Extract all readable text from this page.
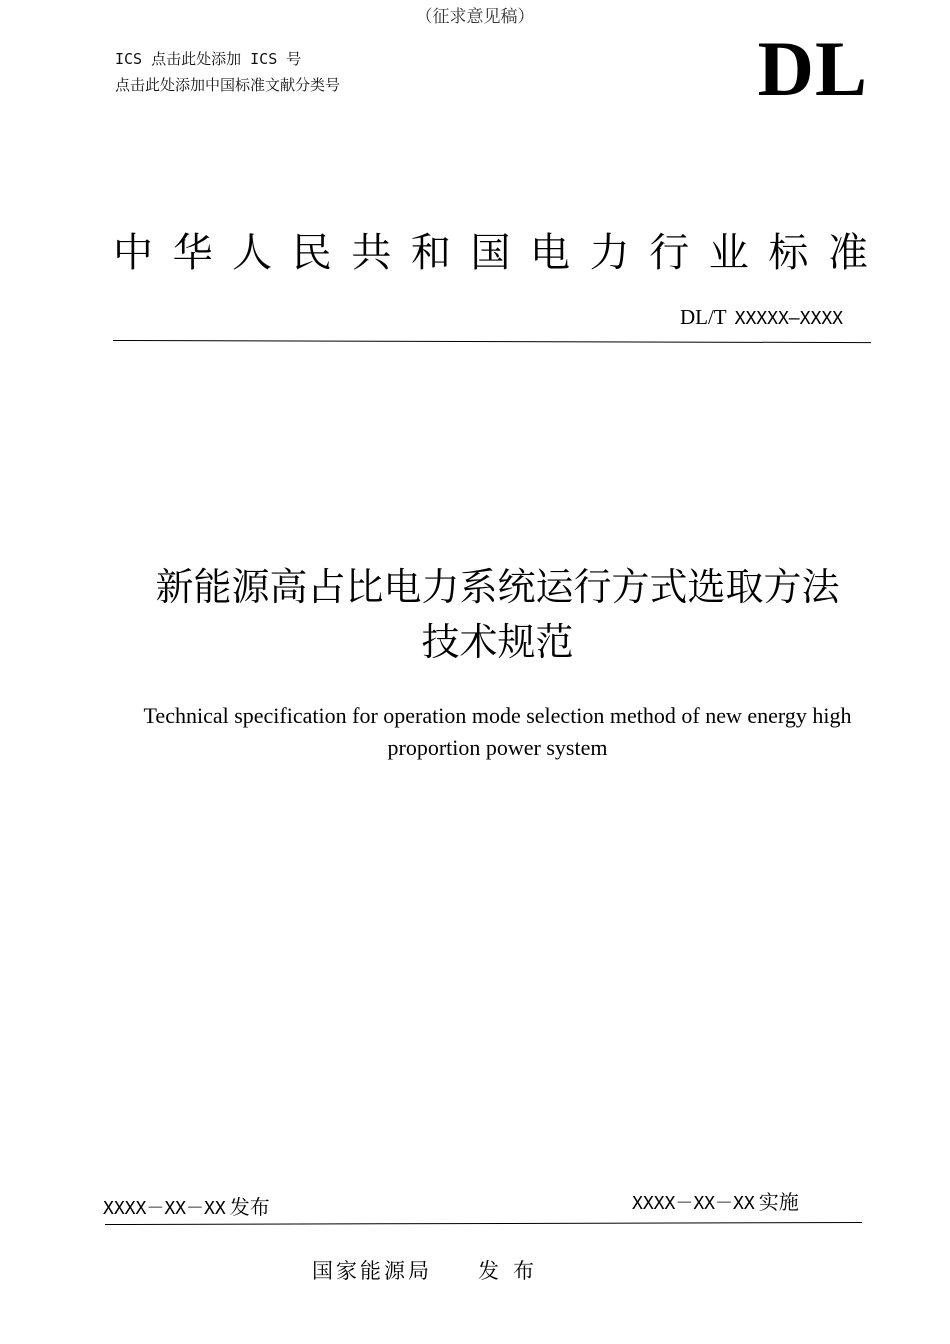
（征求意见稿）
ICS 点击此处添加 ICS 号
点击此处添加中国标准文献分类号	DL
中 华 人 民 共 和 国 电 力 行 业 标 准
DL/T XXXXX—XXXX
新能源高占比电力系统运行方式选取方法
技术规范
Technical specification for operation mode selection method of new energy high
proportion power system
XXXX－XX－XX 发布	XXXX－XX－XX 实施
国家能源局 发布
